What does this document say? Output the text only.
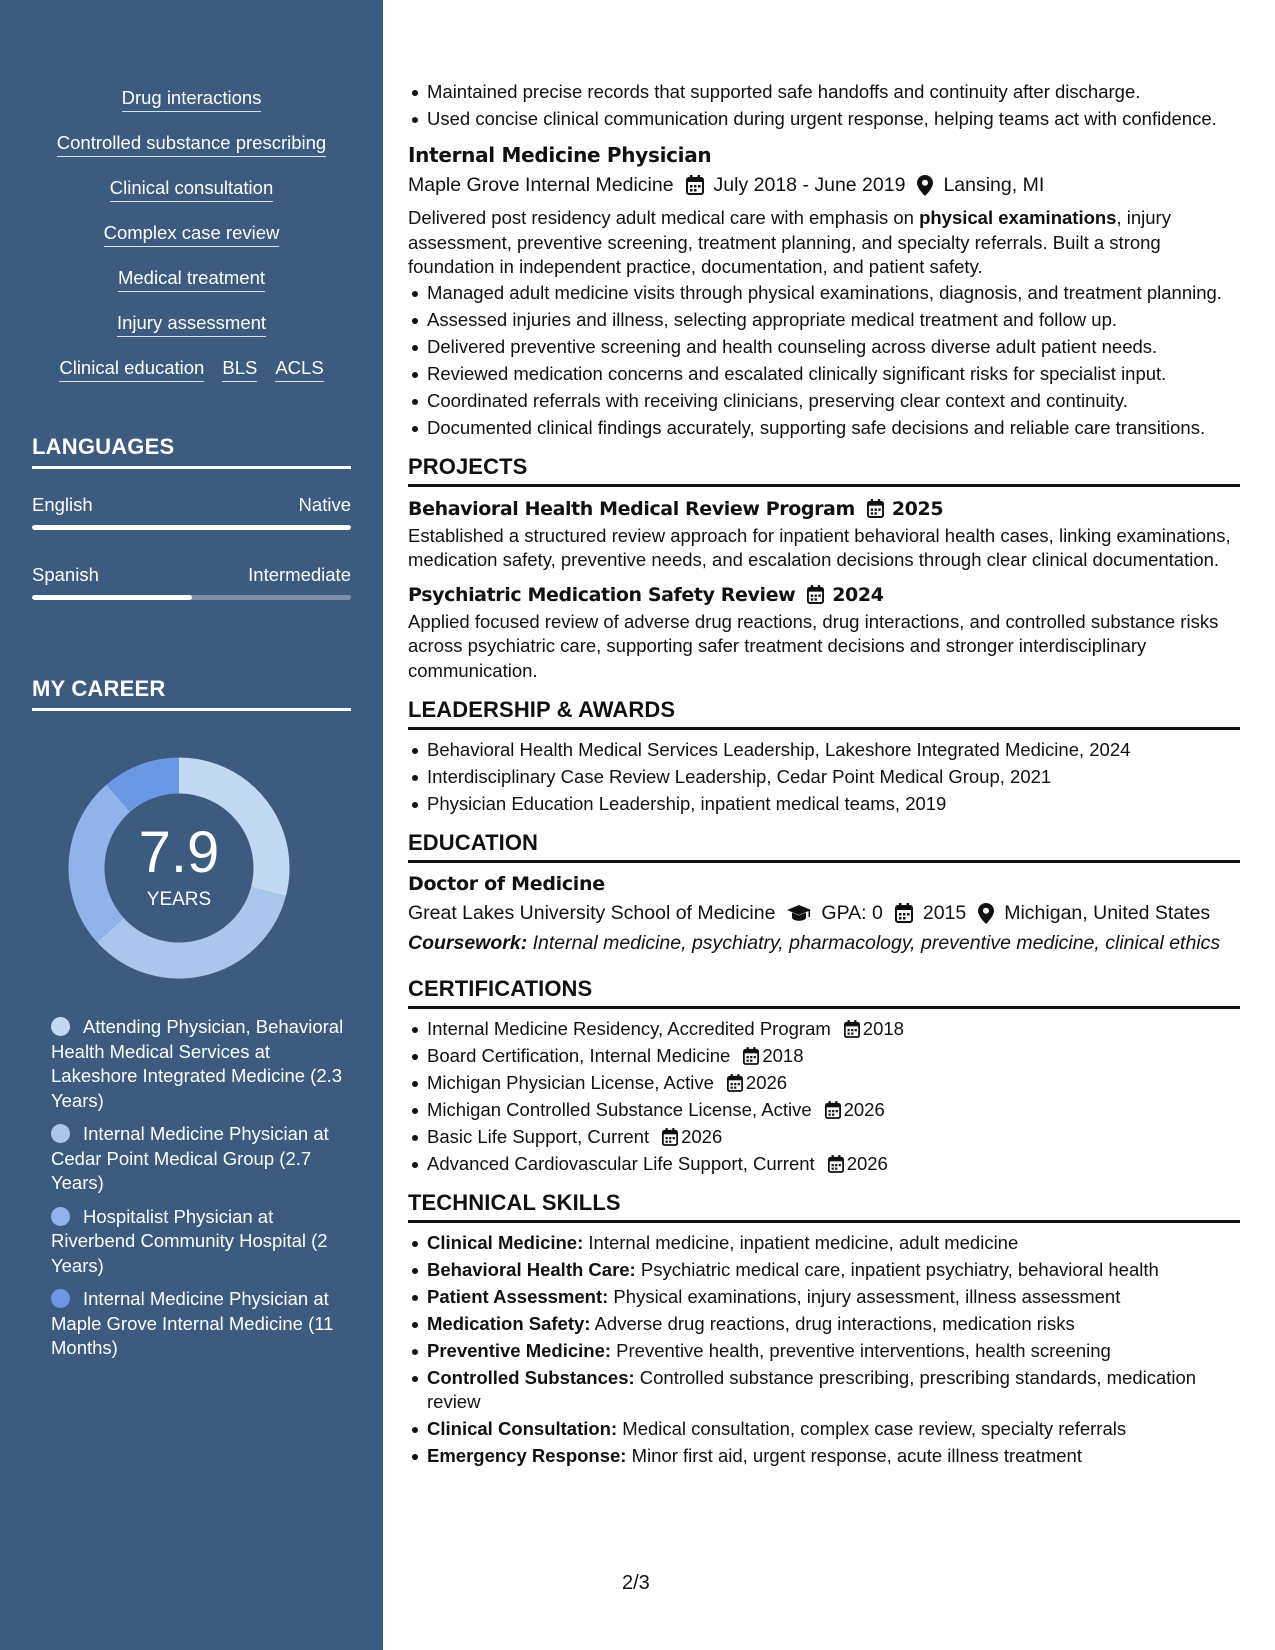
Drug interactions
Controlled substance prescribing
Clinical consultation
Complex case review
Medical treatment
Injury assessment
Clinical education BLS ACLS
LANGUAGES
English	Native
Spanish	Intermediate
MY CAREER
7.9
YEARS
Attending Physician, Behavioral Health Medical Services at Lakeshore Integrated Medicine (2.3 Years)
Internal Medicine Physician at Cedar Point Medical Group (2.7 Years)
Hospitalist Physician at Riverbend Community Hospital (2 Years)
Internal Medicine Physician at Maple Grove Internal Medicine (11 Months)
Maintained precise records that supported safe handoffs and continuity after discharge.
Used concise clinical communication during urgent response, helping teams act with confidence.
Internal Medicine Physician
Maple Grove Internal Medicine July 2018 - June 2019 Lansing, MI
Delivered post residency adult medical care with emphasis on physical examinations, injury assessment, preventive screening, treatment planning, and specialty referrals. Built a strong foundation in independent practice, documentation, and patient safety.
Managed adult medicine visits through physical examinations, diagnosis, and treatment planning.
Assessed injuries and illness, selecting appropriate medical treatment and follow up.
Delivered preventive screening and health counseling across diverse adult patient needs.
Reviewed medication concerns and escalated clinically significant risks for specialist input.
Coordinated referrals with receiving clinicians, preserving clear context and continuity.
Documented clinical findings accurately, supporting safe decisions and reliable care transitions.
PROJECTS
Behavioral Health Medical Review Program 2025
Established a structured review approach for inpatient behavioral health cases, linking examinations, medication safety, preventive needs, and escalation decisions through clear clinical documentation.
Psychiatric Medication Safety Review 2024
Applied focused review of adverse drug reactions, drug interactions, and controlled substance risks across psychiatric care, supporting safer treatment decisions and stronger interdisciplinary communication.
LEADERSHIP & AWARDS
Behavioral Health Medical Services Leadership, Lakeshore Integrated Medicine, 2024
Interdisciplinary Case Review Leadership, Cedar Point Medical Group, 2021
Physician Education Leadership, inpatient medical teams, 2019
EDUCATION
Doctor of Medicine
Great Lakes University School of Medicine GPA: 0 2015 Michigan, United States
Coursework: Internal medicine, psychiatry, pharmacology, preventive medicine, clinical ethics
CERTIFICATIONS
Internal Medicine Residency, Accredited Program 2018
Board Certification, Internal Medicine 2018
Michigan Physician License, Active 2026
Michigan Controlled Substance License, Active 2026
Basic Life Support, Current 2026
Advanced Cardiovascular Life Support, Current 2026
TECHNICAL SKILLS
Clinical Medicine: Internal medicine, inpatient medicine, adult medicine
Behavioral Health Care: Psychiatric medical care, inpatient psychiatry, behavioral health
Patient Assessment: Physical examinations, injury assessment, illness assessment
Medication Safety: Adverse drug reactions, drug interactions, medication risks
Preventive Medicine: Preventive health, preventive interventions, health screening
Controlled Substances: Controlled substance prescribing, prescribing standards, medication review
Clinical Consultation: Medical consultation, complex case review, specialty referrals
Emergency Response: Minor first aid, urgent response, acute illness treatment
2/3
